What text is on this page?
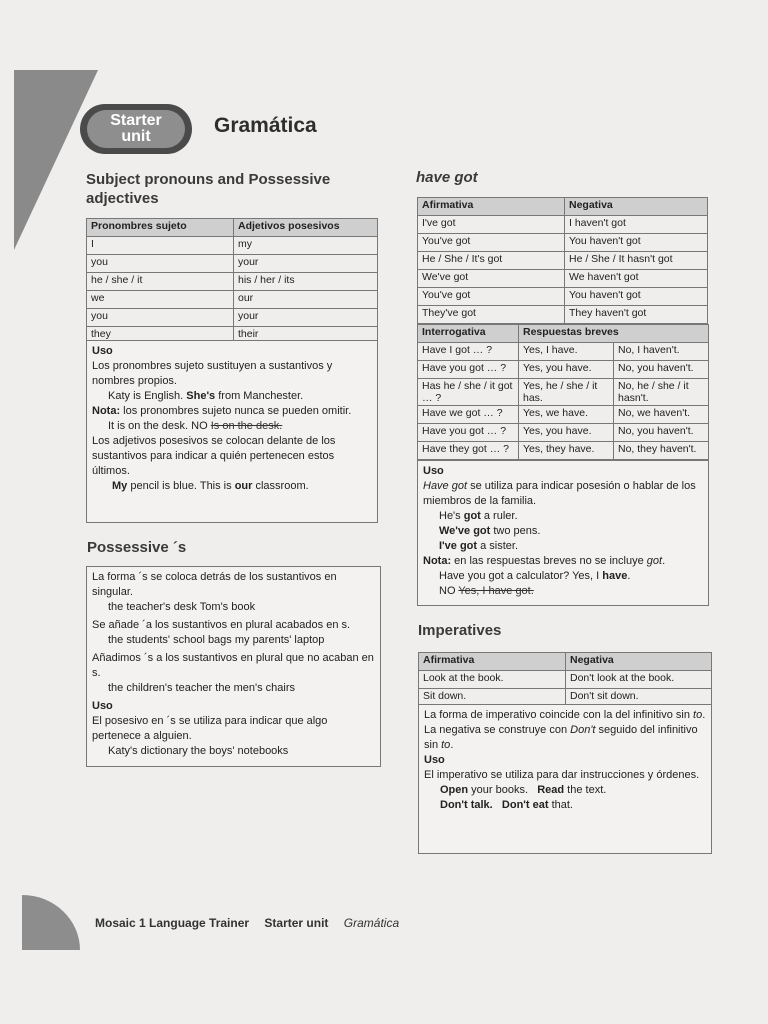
Starter
unit	Gramática
Subject pronouns and Possessive adjectives
Pronombres sujeto	Adjetivos posesivos
I	my
you	your
he / she / it	his / her / its
we	our
you	your
they	their

Uso

Los pronombres sujeto sustituyen a sustantivos y nombres propios.

Katy is English. She's from Manchester.

Nota: los pronombres sujeto nunca se pueden omitir.

It is on the desk. NO Is on the desk.

Los adjetivos posesivos se colocan delante de los sustantivos para indicar a quién pertenecen estos últimos.

My pencil is blue. This is our classroom.

Possessive ´s

La forma ´s se coloca detrás de los sustantivos en singular.

the teacher's desk Tom's book

Se añade ´a los sustantivos en plural acabados en s.

the students' school bags my parents' laptop

Añadimos ´s a los sustantivos en plural que no acaban en s.

the children's teacher the men's chairs

Uso

El posesivo en ´s se utiliza para indicar que algo pertenece a alguien.

Katy's dictionary the boys' notebooks

have got
Afirmativa	Negativa
I've got	I haven't got
You've got	You haven't got
He / She / It's got	He / She / It hasn't got
We've got	We haven't got
You've got	You haven't got
They've got	They haven't got
Interrogativa	Respuestas breves	
Have I got … ?	Yes, I have.	No, I haven't.
Have you got … ?	Yes, you have.	No, you haven't.
Has he / she / it got … ?	Yes, he / she / it has.	No, he / she / it hasn't.
Have we got … ?	Yes, we have.	No, we haven't.
Have you got … ?	Yes, you have.	No, you haven't.
Have they got … ?	Yes, they have.	No, they haven't.

Uso

Have got se utiliza para indicar posesión o hablar de los miembros de la familia.

He's got a ruler.

We've got two pens.

I've got a sister.

Nota: en las respuestas breves no se incluye got.

Have you got a calculator? Yes, I have.

NO Yes, I have got.

Imperatives
Afirmativa	Negativa
Look at the book.	Don't look at the book.
Sit down.	Don't sit down.

La forma de imperativo coincide con la del infinitivo sin to.

La negativa se construye con Don't seguido del infinitivo sin to.

Uso

El imperativo se utiliza para dar instrucciones y órdenes.

Open your books.   Read the text.

Don't talk. Don't eat that.

Mosaic 1 Language Trainer Starter unit Gramática
